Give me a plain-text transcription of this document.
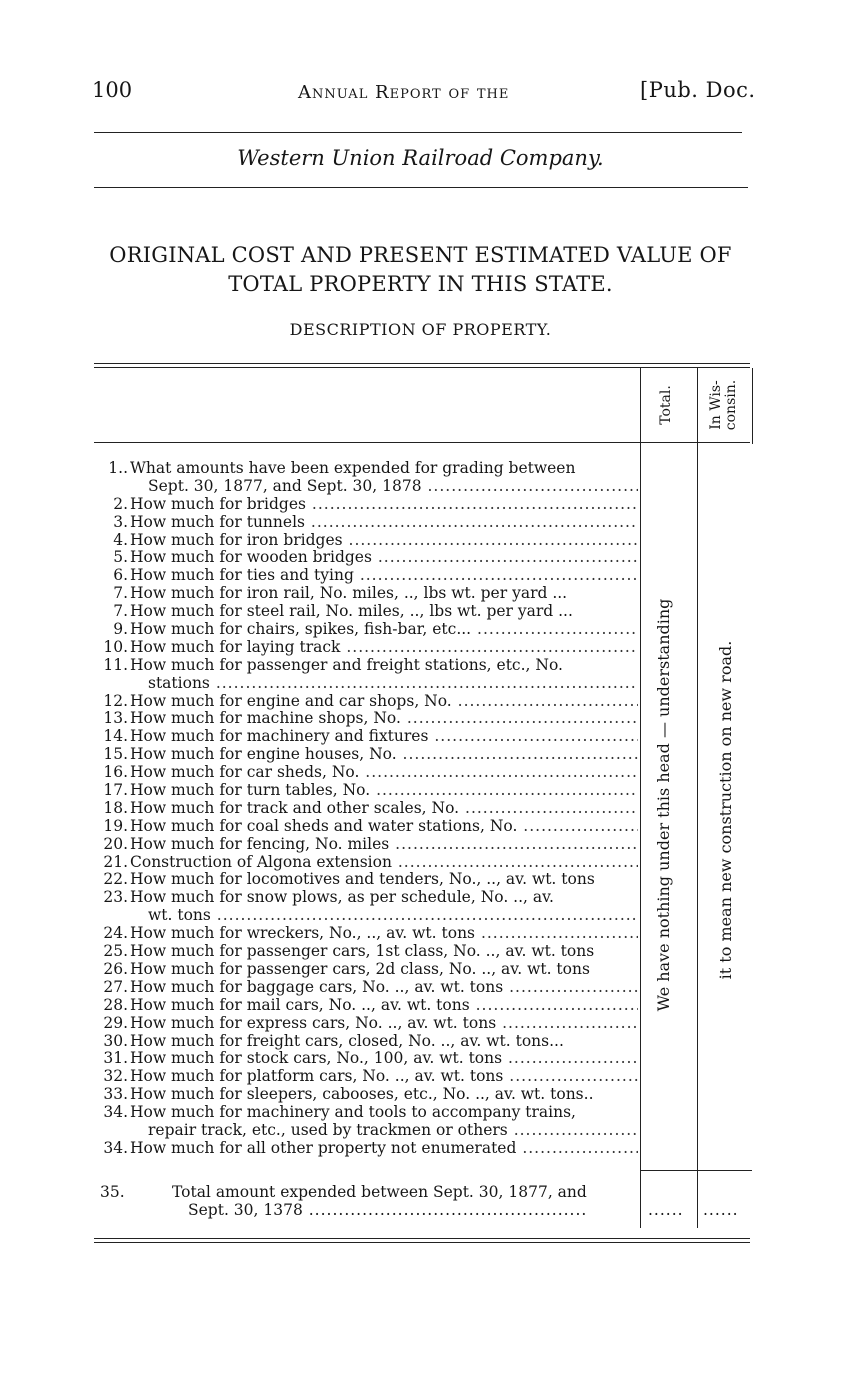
100	Annual Report of the	[Pub. Doc.
Western Union Railroad Company.
ORIGINAL COST AND PRESENT ESTIMATED VALUE OF
TOTAL PROPERTY IN THIS STATE.
DESCRIPTION OF PROPERTY.
Total.	In Wis- consin.
1.. What amounts have been expended for grading between
Sept. 30, 1877, and Sept. 30, 1878 .....
2. How much for bridges .....
3. How much for tunnels .....
4. How much for iron bridges .....
5. How much for wooden bridges .....
6. How much for ties and tying .....
7. How much for iron rail, No. miles, .., lbs wt. per yard ...
7. How much for steel rail, No. miles, .., lbs wt. per yard ...
9. How much for chairs, spikes, fish-bar, etc... .....
10. How much for laying track .....
11. How much for passenger and freight stations, etc., No.
stations .....
12. How much for engine and car shops, No. .....
13. How much for machine shops, No. .....
14. How much for machinery and fixtures .....
15. How much for engine houses, No. .....
16. How much for car sheds, No. .....
17. How much for turn tables, No. .....
18. How much for track and other scales, No. .....
19. How much for coal sheds and water stations, No. .....
20. How much for fencing, No. miles .....
21. Construction of Algona extension .....
22. How much for locomotives and tenders, No., .., av. wt. tons
23. How much for snow plows, as per schedule, No. .., av.
wt. tons .....
24. How much for wreckers, No., .., av. wt. tons .....
25. How much for passenger cars, 1st class, No. .., av. wt. tons
26. How much for passenger cars, 2d class, No. .., av. wt. tons
27. How much for baggage cars, No. .., av. wt. tons .....
28. How much for mail cars, No. .., av. wt. tons .....
29. How much for express cars, No. .., av. wt. tons .....
30. How much for freight cars, closed, No. .., av. wt. tons...
31. How much for stock cars, No., 100, av. wt. tons .....
32. How much for platform cars, No. .., av. wt. tons .....
33. How much for sleepers, cabooses, etc., No. .., av. wt. tons..
34. How much for machinery and tools to accompany trains,
repair track, etc., used by trackmen or others .....
34. How much for all other property not enumerated .....
We have nothing under this head — understanding	it to mean new construction on new road.
35.	Total amount expended between Sept. 30, 1877, and
Sept. 30, 1378 ...............................................	...... ......
